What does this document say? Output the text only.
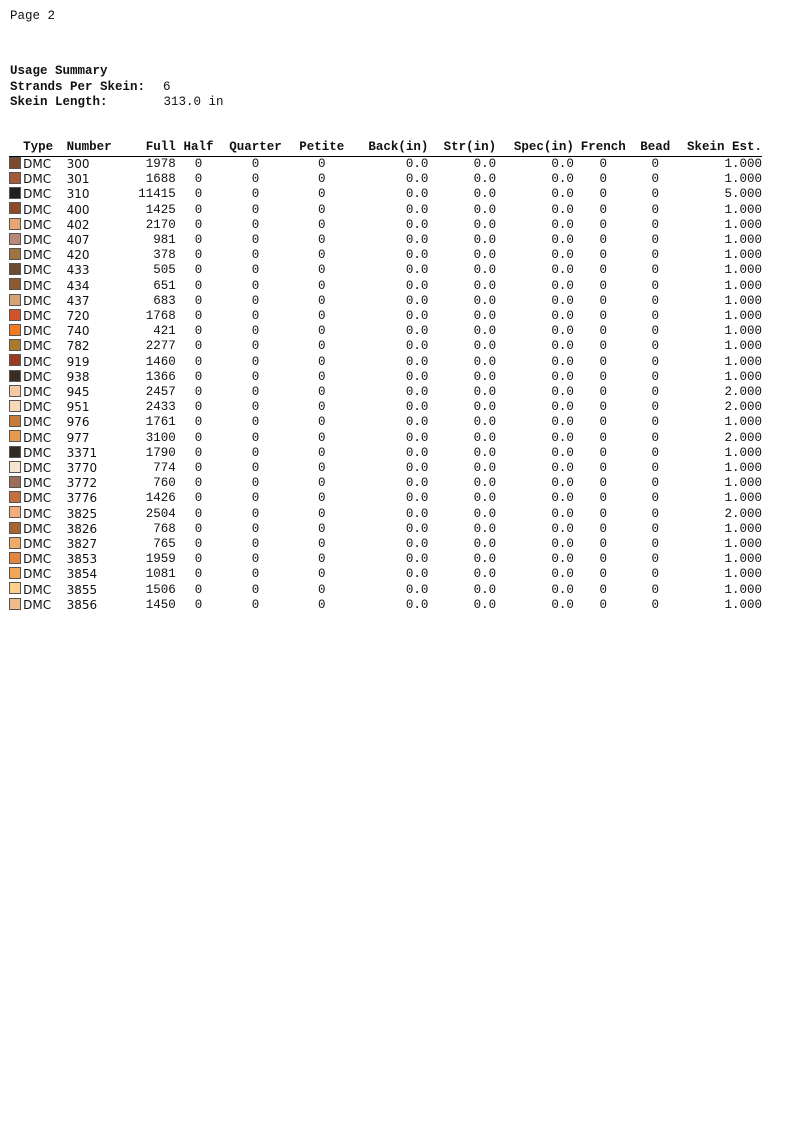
Page 2
Usage Summary
Strands Per Skein: 6
Skein Length:	313.0 in
	Type	Number	Full	Half	Quarter	Petite	Back(in)	Str(in)	Spec(in)	French	Bead	Skein Est.
	DMC	300	1978	0	0	0	0.0	0.0	0.0	0	0	1.000
	DMC	301	1688	0	0	0	0.0	0.0	0.0	0	0	1.000
	DMC	310	11415	0	0	0	0.0	0.0	0.0	0	0	5.000
	DMC	400	1425	0	0	0	0.0	0.0	0.0	0	0	1.000
	DMC	402	2170	0	0	0	0.0	0.0	0.0	0	0	1.000
	DMC	407	981	0	0	0	0.0	0.0	0.0	0	0	1.000
	DMC	420	378	0	0	0	0.0	0.0	0.0	0	0	1.000
	DMC	433	505	0	0	0	0.0	0.0	0.0	0	0	1.000
	DMC	434	651	0	0	0	0.0	0.0	0.0	0	0	1.000
	DMC	437	683	0	0	0	0.0	0.0	0.0	0	0	1.000
	DMC	720	1768	0	0	0	0.0	0.0	0.0	0	0	1.000
	DMC	740	421	0	0	0	0.0	0.0	0.0	0	0	1.000
	DMC	782	2277	0	0	0	0.0	0.0	0.0	0	0	1.000
	DMC	919	1460	0	0	0	0.0	0.0	0.0	0	0	1.000
	DMC	938	1366	0	0	0	0.0	0.0	0.0	0	0	1.000
	DMC	945	2457	0	0	0	0.0	0.0	0.0	0	0	2.000
	DMC	951	2433	0	0	0	0.0	0.0	0.0	0	0	2.000
	DMC	976	1761	0	0	0	0.0	0.0	0.0	0	0	1.000
	DMC	977	3100	0	0	0	0.0	0.0	0.0	0	0	2.000
	DMC	3371	1790	0	0	0	0.0	0.0	0.0	0	0	1.000
	DMC	3770	774	0	0	0	0.0	0.0	0.0	0	0	1.000
	DMC	3772	760	0	0	0	0.0	0.0	0.0	0	0	1.000
	DMC	3776	1426	0	0	0	0.0	0.0	0.0	0	0	1.000
	DMC	3825	2504	0	0	0	0.0	0.0	0.0	0	0	2.000
	DMC	3826	768	0	0	0	0.0	0.0	0.0	0	0	1.000
	DMC	3827	765	0	0	0	0.0	0.0	0.0	0	0	1.000
	DMC	3853	1959	0	0	0	0.0	0.0	0.0	0	0	1.000
	DMC	3854	1081	0	0	0	0.0	0.0	0.0	0	0	1.000
	DMC	3855	1506	0	0	0	0.0	0.0	0.0	0	0	1.000
	DMC	3856	1450	0	0	0	0.0	0.0	0.0	0	0	1.000
